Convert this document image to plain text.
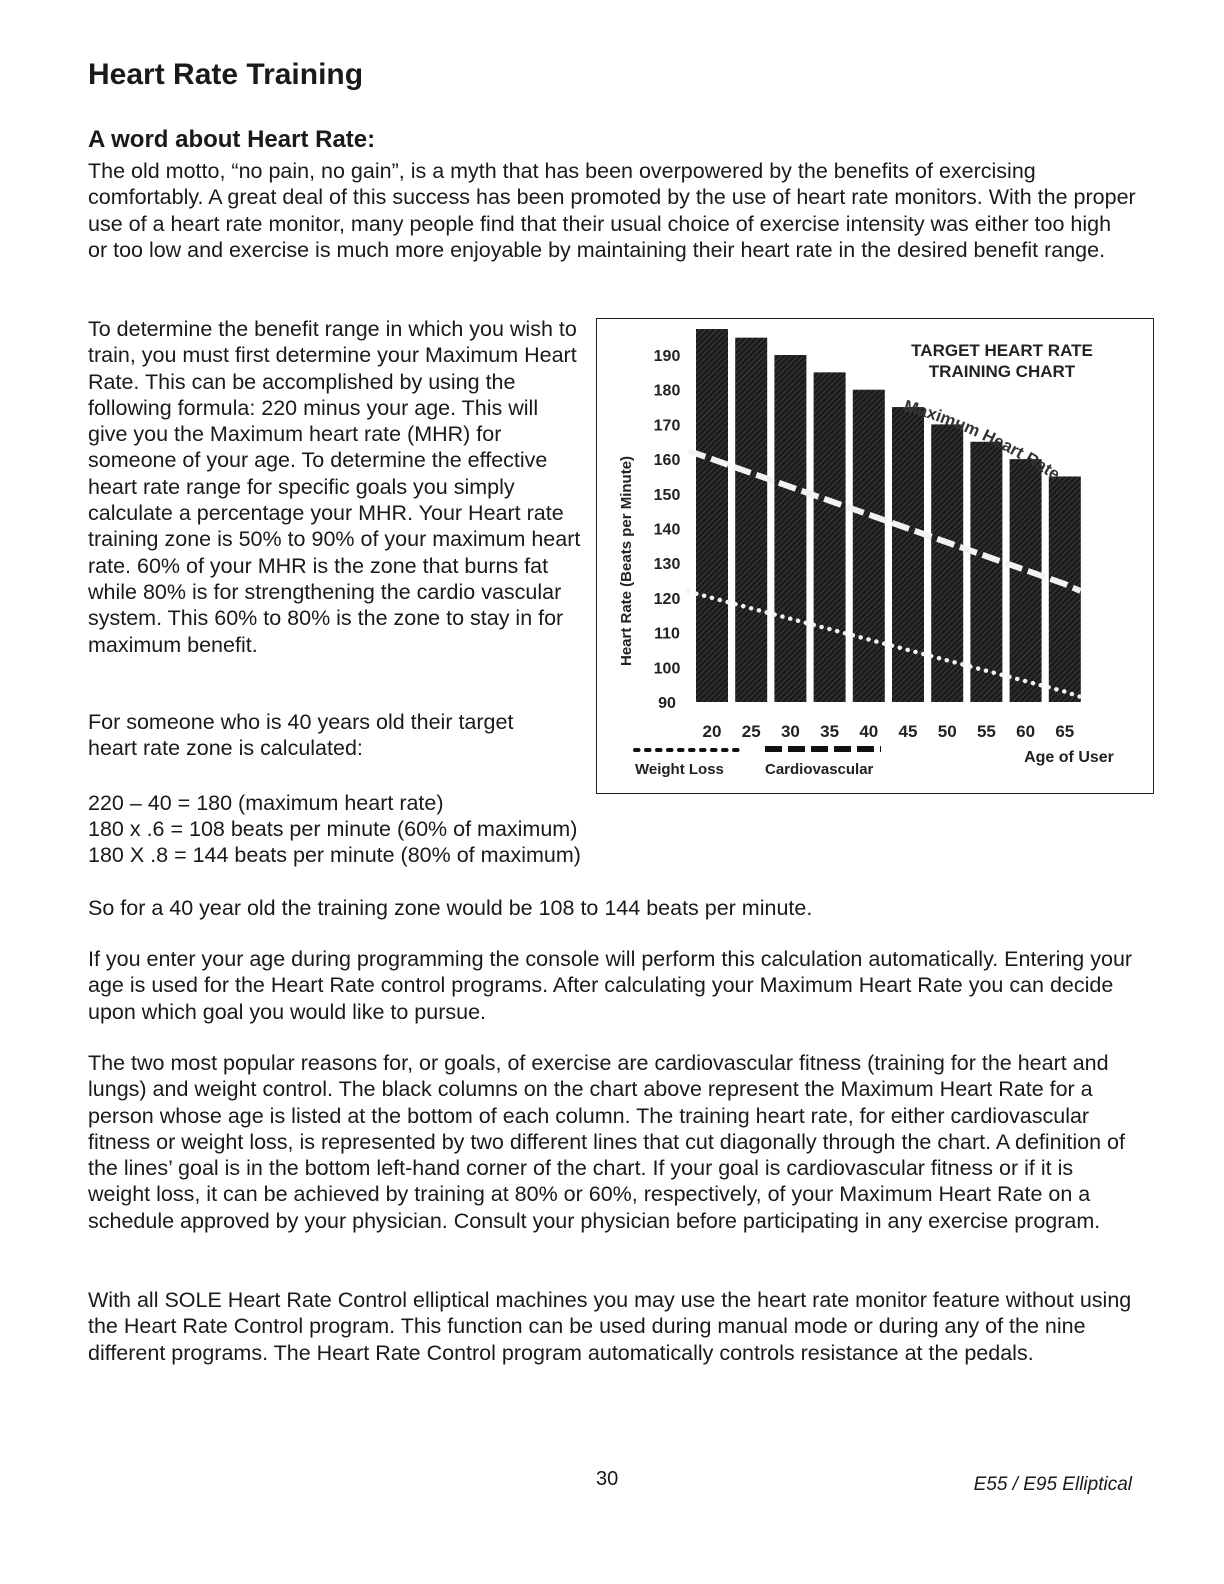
Heart Rate Training
A word about Heart Rate:

The old motto, “no pain, no gain”, is a myth that has been overpowered by the benefits of exercising comfortably. A great deal of this success has been promoted by the use of heart rate monitors. With the proper use of a heart rate monitor, many people find that their usual choice of exercise intensity was either too high or too low and exercise is much more enjoyable by maintaining their heart rate in the desired benefit range.

To determine the benefit range in which you wish to train, you must first determine your Maximum Heart Rate. This can be accomplished by using the following formula: 220 minus your age. This will give you the Maximum heart rate (MHR) for someone of your age. To determine the effective heart rate range for specific goals you simply calculate a percentage your MHR. Your Heart rate training zone is 50% to 90% of your maximum heart rate. 60% of your MHR is the zone that burns fat while 80% is for strengthening the cardio vascular system. This 60% to 80% is the zone to stay in for maximum benefit.

For someone who is 40 years old their target heart rate zone is calculated:

220 – 40 = 180 (maximum heart rate)

180 x .6 = 108 beats per minute (60% of maximum)

180 X .8 = 144 beats per minute (80% of maximum)

So for a 40 year old the training zone would be 108 to 144 beats per minute.

If you enter your age during programming the console will perform this calculation automatically. Entering your age is used for the Heart Rate control programs. After calculating your Maximum Heart Rate you can decide upon which goal you would like to pursue.

The two most popular reasons for, or goals, of exercise are cardiovascular fitness (training for the heart and lungs) and weight control. The black columns on the chart above represent the Maximum Heart Rate for a person whose age is listed at the bottom of each column. The training heart rate, for either cardiovascular fitness or weight loss, is represented by two different lines that cut diagonally through the chart. A definition of the lines’ goal is in the bottom left-hand corner of the chart. If your goal is cardiovascular fitness or if it is weight loss, it can be achieved by training at 80% or 60%, respectively, of your Maximum Heart Rate on a schedule approved by your physician. Consult your physician before participating in any exercise program.

With all SOLE Heart Rate Control elliptical machines you may use the heart rate monitor feature without using the Heart Rate Control program. This function can be used during manual mode or during any of the nine different programs. The Heart Rate Control program automatically controls resistance at the pedals.

190
180
170
160
150
140
130
120
110
100
90
20 25 30 35 40 45 50 55 60 65
TARGET HEART RATE TRAINING CHART
Heart Rate (Beats per Minute)
Age of User
Maximum Heart Rate
Weight Loss	Cardiovascular
30	E55 / E95 Elliptical
